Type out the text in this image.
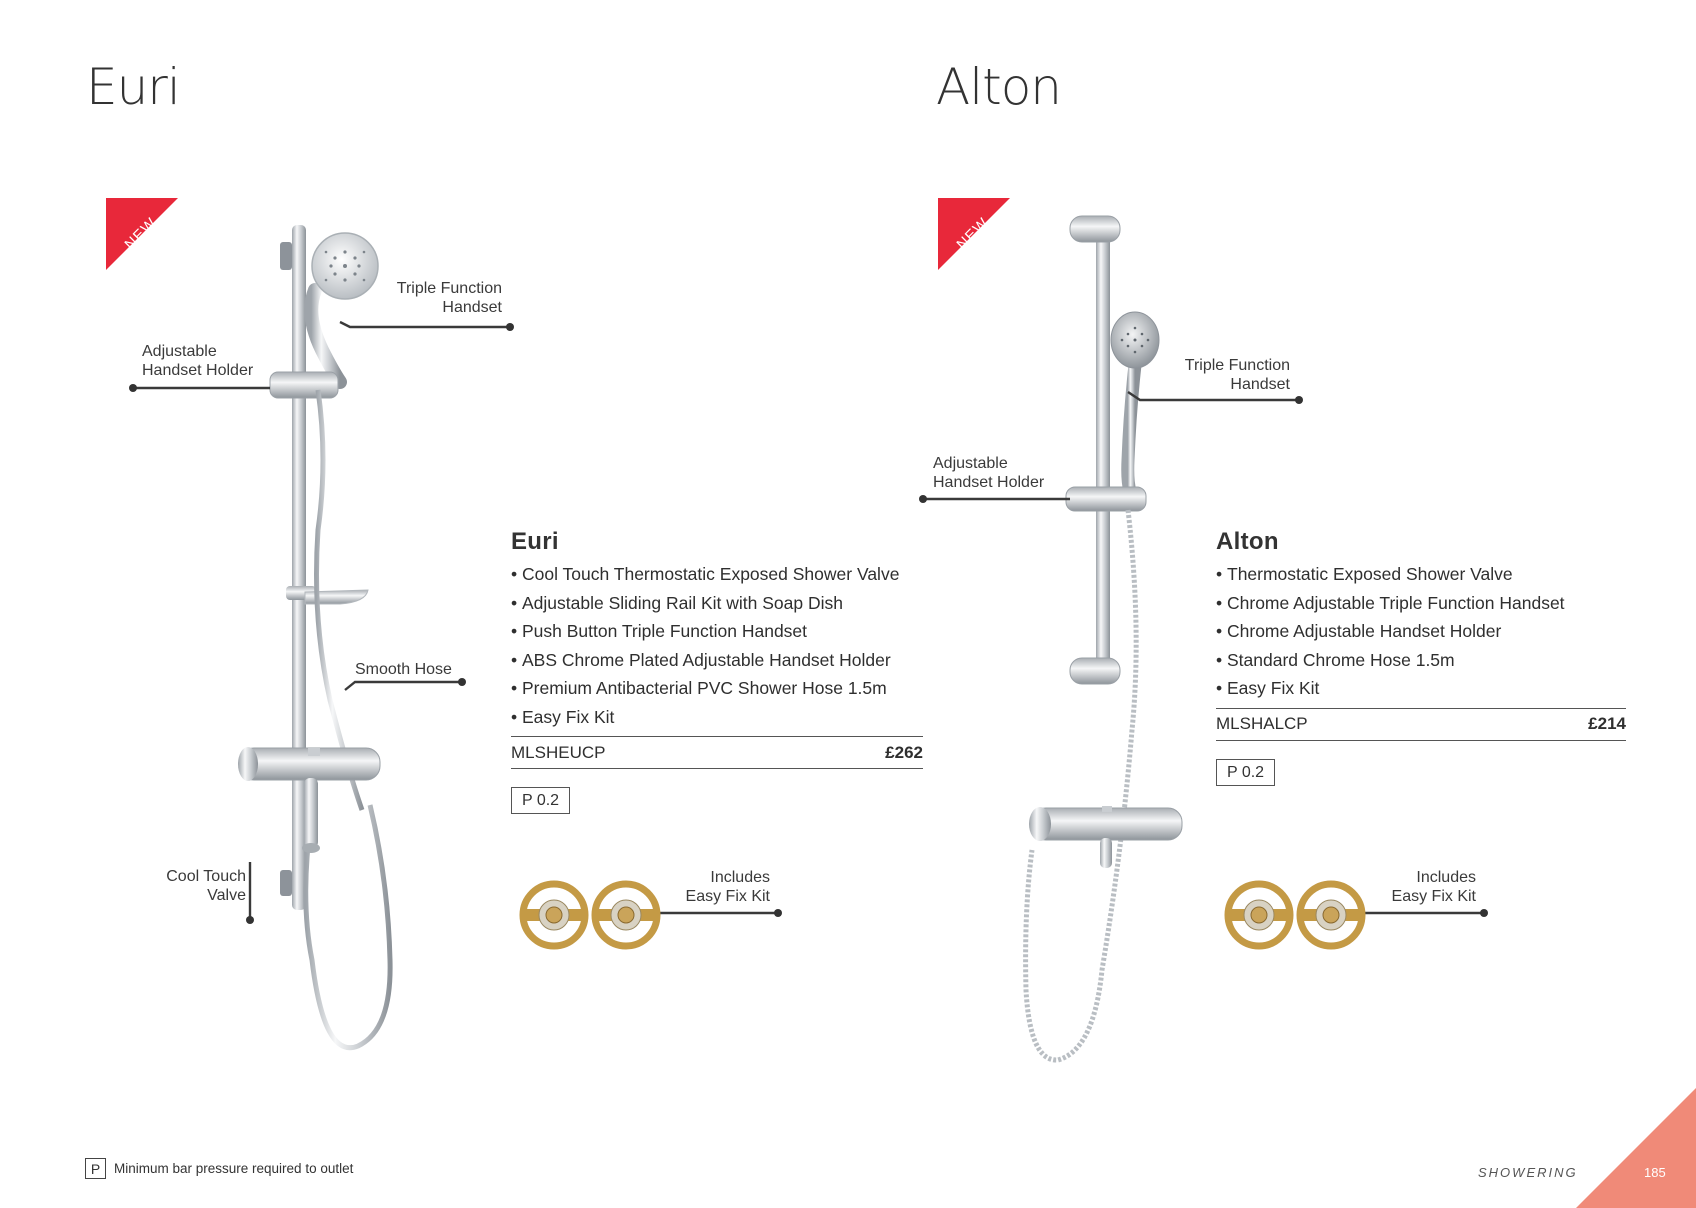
Euri
NEW
Triple Function
Handset
Adjustable
Handset Holder
Smooth Hose
Cool Touch
Valve
Euri
• Cool Touch Thermostatic Exposed Shower Valve
• Adjustable Sliding Rail Kit with Soap Dish
• Push Button Triple Function Handset
• ABS Chrome Plated Adjustable Handset Holder
• Premium Antibacterial PVC Shower Hose 1.5m
• Easy Fix Kit
MLSHEUCP	£262
P 0.2
Includes
Easy Fix Kit
Alton
NEW
Triple Function
Handset
Adjustable
Handset Holder
Alton
• Thermostatic Exposed Shower Valve
• Chrome Adjustable Triple Function Handset
• Chrome Adjustable Handset Holder
• Standard Chrome Hose 1.5m
• Easy Fix Kit
MLSHALCP	£214
P 0.2
Includes
Easy Fix Kit
P	Minimum bar pressure required to outlet	SHOWERING	185
